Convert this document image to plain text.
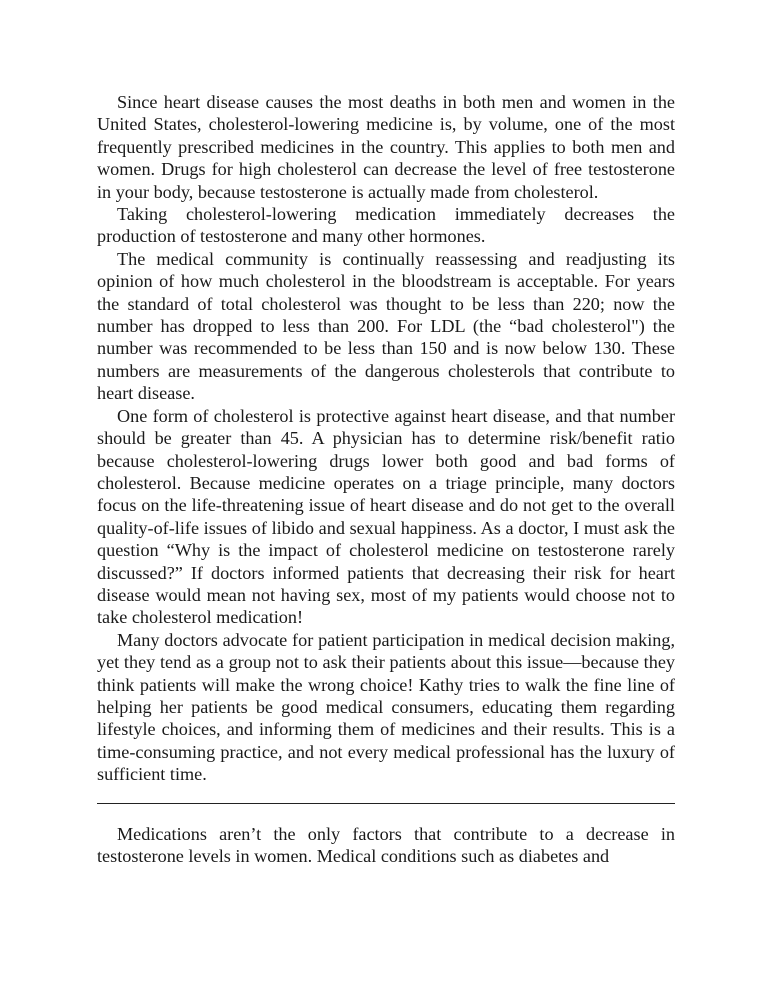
Since heart disease causes the most deaths in both men and women in the United States, cholesterol-lowering medicine is, by volume, one of the most frequently prescribed medicines in the country. This applies to both men and women. Drugs for high cholesterol can decrease the level of free testosterone in your body, because testosterone is actually made from cholesterol.

Taking cholesterol-lowering medication immediately decreases the production of testosterone and many other hormones.

The medical community is continually reassessing and readjusting its opinion of how much cholesterol in the bloodstream is acceptable. For years the standard of total cholesterol was thought to be less than 220; now the number has dropped to less than 200. For LDL (the “bad cholesterol") the number was recommended to be less than 150 and is now below 130. These numbers are measurements of the dangerous cholesterols that contribute to heart disease.

One form of cholesterol is protective against heart disease, and that number should be greater than 45. A physician has to determine risk/benefit ratio because cholesterol-lowering drugs lower both good and bad forms of cholesterol. Because medicine operates on a triage principle, many doctors focus on the life-threatening issue of heart disease and do not get to the overall quality-of-life issues of libido and sexual happiness. As a doctor, I must ask the question “Why is the impact of cholesterol medicine on testosterone rarely discussed?” If doctors informed patients that decreasing their risk for heart disease would mean not having sex, most of my patients would choose not to take cholesterol medication!

Many doctors advocate for patient participation in medical decision making, yet they tend as a group not to ask their patients about this issue—because they think patients will make the wrong choice! Kathy tries to walk the fine line of helping her patients be good medical consumers, educating them regarding lifestyle choices, and informing them of medicines and their results. This is a time-consuming practice, and not every medical professional has the luxury of sufficient time.

Medications aren’t the only factors that contribute to a decrease in testosterone levels in women. Medical conditions such as diabetes and
